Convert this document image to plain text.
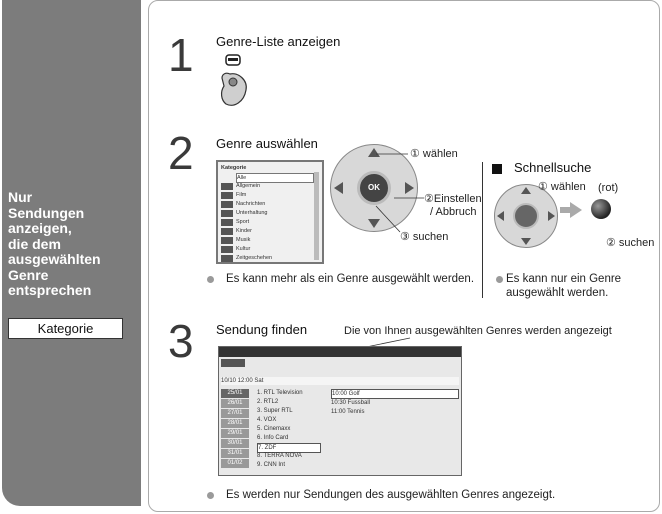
Nur
Sendungen
anzeigen,
die dem
ausgewählten
Genre
entsprechen
Kategorie
1 Genre-Liste anzeigen
2 Genre auswählen
Kategorie
Alle
Allgemein
Film
Nachrichten
Unterhaltung
Sport
Kinder
Musik
Kultur
Zeitgeschehen
OK
① wählen
②Einstellen
/ Abbruch
③ suchen
Es kann mehr als ein Genre ausgewählt werden.
Schnellsuche
① wählen (rot)
② suchen
Es kann nur ein Genre ausgewählt werden.
3 Sendung finden	Die von Ihnen ausgewählten Genres werden angezeigt
10/10 12:00 Sat
25/01
26/01
27/01
28/01
29/01
30/01
31/01
01/02
1. RTL Television
2. RTL2
3. Super RTL
4. VOX
5. Cinemaxx
6. Info Card
7. ZDF
8. TERRA NOVA
9. CNN Int
10:00 Golf
10:30 Fussball
11:00 Tennis
Es werden nur Sendungen des ausgewählten Genres angezeigt.
